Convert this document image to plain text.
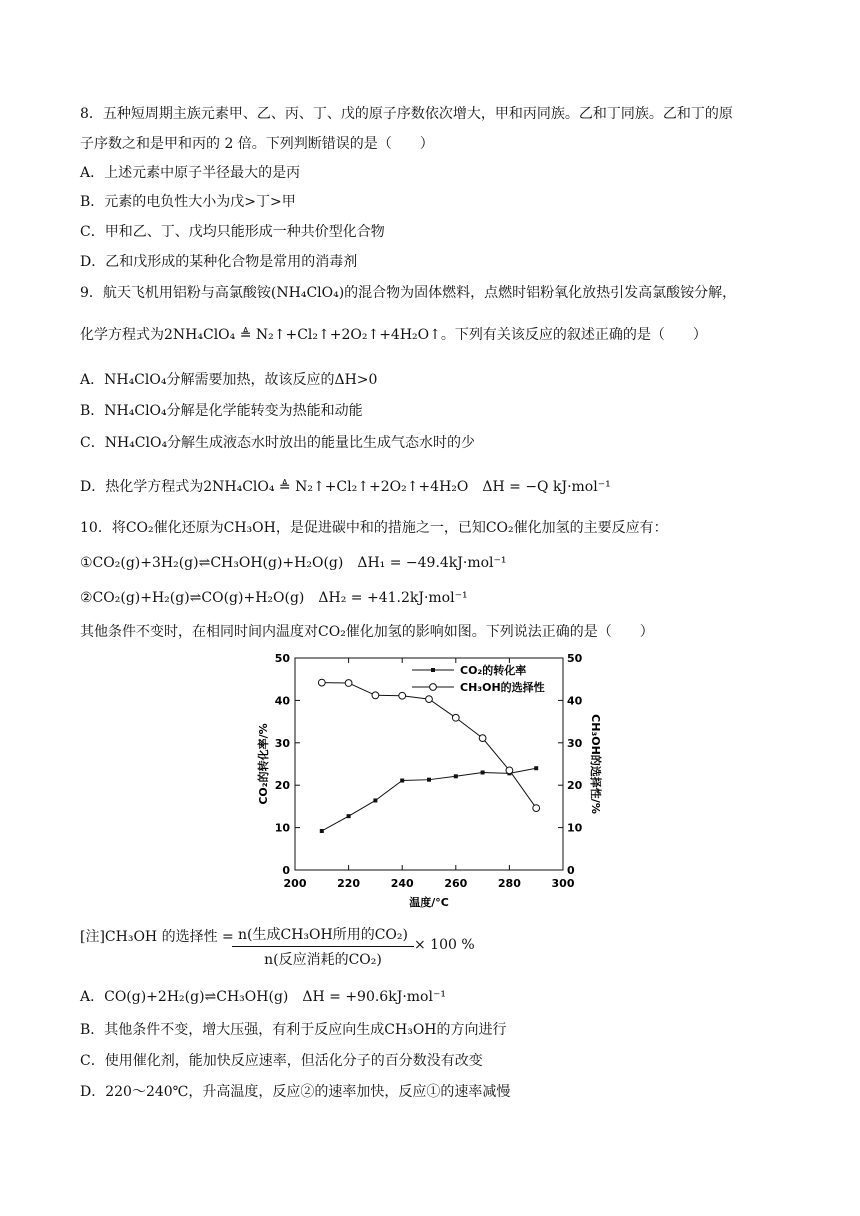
8．五种短周期主族元素甲、乙、丙、丁、戊的原子序数依次增大，甲和丙同族。乙和丁同族。乙和丁的原
子序数之和是甲和丙的 2 倍。下列判断错误的是（　　）
A．上述元素中原子半径最大的是丙
B．元素的电负性大小为戊>丁>甲
C．甲和乙、丁、戊均只能形成一种共价型化合物
D．乙和戊形成的某种化合物是常用的消毒剂
9．航天飞机用铝粉与高氯酸铵(NH₄ClO₄)的混合物为固体燃料，点燃时铝粉氧化放热引发高氯酸铵分解，
化学方程式为2NH₄ClO₄ ≜ N₂↑+Cl₂↑+2O₂↑+4H₂O↑。下列有关该反应的叙述正确的是（　　）
A．NH₄ClO₄分解需要加热，故该反应的ΔH>0
B．NH₄ClO₄分解是化学能转变为热能和动能
C．NH₄ClO₄分解生成液态水时放出的能量比生成气态水时的少
D．热化学方程式为2NH₄ClO₄ ≜ N₂↑+Cl₂↑+2O₂↑+4H₂O　ΔH = −Q kJ·mol⁻¹
10．将CO₂催化还原为CH₃OH，是促进碳中和的措施之一，已知CO₂催化加氢的主要反应有：
①CO₂(g)+3H₂(g)⇌CH₃OH(g)+H₂O(g)　ΔH₁ = −49.4kJ·mol⁻¹
②CO₂(g)+H₂(g)⇌CO(g)+H₂O(g)　ΔH₂ = +41.2kJ·mol⁻¹
其他条件不变时，在相同时间内温度对CO₂催化加氢的影响如图。下列说法正确的是（　　）
200	220	240	260	280	300
0	0
10	10
20	20
30	30
40	40
50	50
温度/°C
CO₂的转化率/%	CH₃OH的选择性/%
CO₂的转化率
CH₃OH的选择性
[注]CH₃OH 的选择性 = n(生成CH₃OH所用的CO₂)
n(反应消耗的CO₂)
× 100 %
A．CO(g)+2H₂(g)⇌CH₃OH(g)　ΔH = +90.6kJ·mol⁻¹
B．其他条件不变，增大压强，有利于反应向生成CH₃OH的方向进行
C．使用催化剂，能加快反应速率，但活化分子的百分数没有改变
D．220～240℃，升高温度，反应②的速率加快，反应①的速率减慢
